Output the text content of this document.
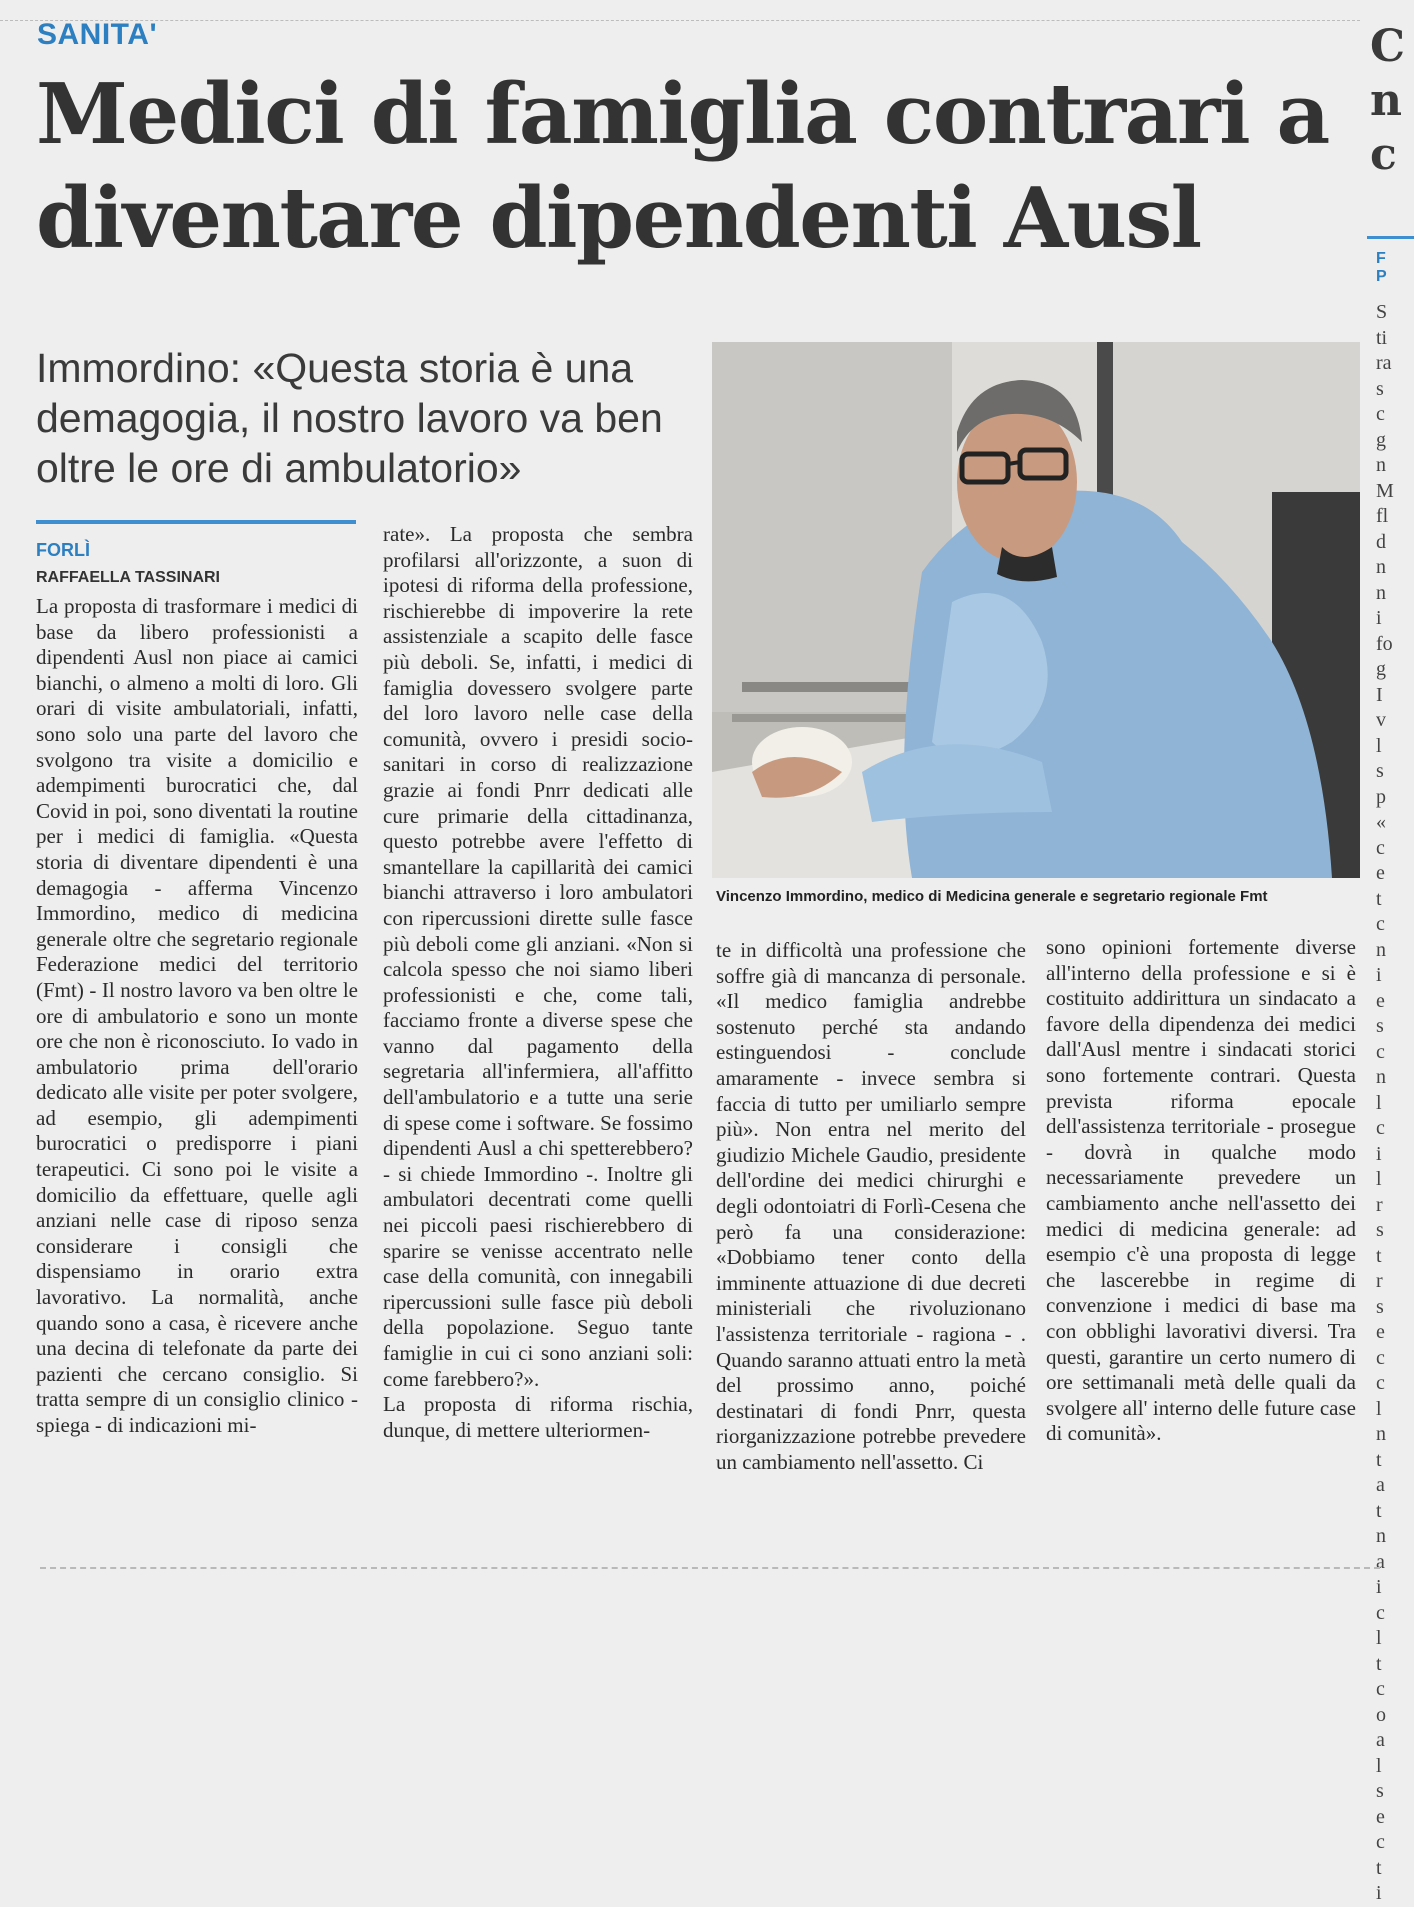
SANITA'
Medici di famiglia contrari a diventare dipendenti Ausl

Immordino: «Questa storia è una demagogia, il nostro lavoro va ben oltre le ore di ambulatorio»

FORLÌ
RAFFAELLA TASSINARI

La proposta di trasformare i medici di base da libero professionisti a dipendenti Ausl non piace ai camici bianchi, o almeno a molti di loro. Gli orari di visite ambulatoriali, infatti, sono solo una parte del lavoro che svolgono tra visite a domicilio e adempimenti burocratici che, dal Covid in poi, sono diventati la routine per i medici di famiglia. «Questa storia di diventare dipendenti è una demagogia - afferma Vincenzo Immordino, medico di medicina generale oltre che segretario regionale Federazione medici del territorio (Fmt) - Il nostro lavoro va ben oltre le ore di ambulatorio e sono un monte ore che non è riconosciuto. Io vado in ambulatorio prima dell'orario dedicato alle visite per poter svolgere, ad esempio, gli adempimenti burocratici o predisporre i piani terapeutici. Ci sono poi le visite a domicilio da effettuare, quelle agli anziani nelle case di riposo senza considerare i consigli che dispensiamo in orario extra lavorativo. La normalità, anche quando sono a casa, è ricevere anche una decina di telefonate da parte dei pazienti che cercano consiglio. Si tratta sempre di un consiglio clinico - spiega - di indicazioni mi-

rate». La proposta che sembra profilarsi all'orizzonte, a suon di ipotesi di riforma della professione, rischierebbe di impoverire la rete assistenziale a scapito delle fasce più deboli. Se, infatti, i medici di famiglia dovessero svolgere parte del loro lavoro nelle case della comunità, ovvero i presidi socio-sanitari in corso di realizzazione grazie ai fondi Pnrr dedicati alle cure primarie della cittadinanza, questo potrebbe avere l'effetto di smantellare la capillarità dei camici bianchi attraverso i loro ambulatori con ripercussioni dirette sulle fasce più deboli come gli anziani. «Non si calcola spesso che noi siamo liberi professionisti e che, come tali, facciamo fronte a diverse spese che vanno dal pagamento della segretaria all'infermiera, all'affitto dell'ambulatorio e a tutte una serie di spese come i software. Se fossimo dipendenti Ausl a chi spetterebbero?- si chiede Immordino -. Inoltre gli ambulatori decentrati come quelli nei piccoli paesi rischierebbero di sparire se venisse accentrato nelle case della comunità, con innegabili ripercussioni sulle fasce più deboli della popolazione. Seguo tante famiglie in cui ci sono anziani soli: come farebbero?».

La proposta di riforma rischia, dunque, di mettere ulteriormen-

Vincenzo Immordino, medico di Medicina generale e segretario regionale Fmt

te in difficoltà una professione che soffre già di mancanza di personale. «Il medico famiglia andrebbe sostenuto perché sta andando estinguendosi - conclude amaramente - invece sembra si faccia di tutto per umiliarlo sempre più». Non entra nel merito del giudizio Michele Gaudio, presidente dell'ordine dei medici chirurghi e degli odontoiatri di Forlì-Cesena che però fa una considerazione: «Dobbiamo tener conto della imminente attuazione di due decreti ministeriali che rivoluzionano l'assistenza territoriale - ragiona - . Quando saranno attuati entro la metà del prossimo anno, poiché destinatari di fondi Pnrr, questa riorganizzazione potrebbe prevedere un cambiamento nell'assetto. Ci

sono opinioni fortemente diverse all'interno della professione e si è costituito addirittura un sindacato a favore della dipendenza dei medici dall'Ausl mentre i sindacati storici sono fortemente contrari. Questa prevista riforma epocale dell'assistenza territoriale - prosegue - dovrà in qualche modo necessariamente prevedere un cambiamento anche nell'assetto dei medici di medicina generale: ad esempio c'è una proposta di legge che lascerebbe in regime di convenzione i medici di base ma con obblighi lavorativi diversi. Tra questi, garantire un certo numero di ore settimanali metà delle quali da svolgere all' interno delle future case di comunità».

C
n
c
F
P
S
ti
ra
s
c
g
n
M
fl
d
n
n
i
fo
g
I
v
l
s
p
«
c
e
t
c
n
i
e
s
c
n
l
c
i
l
r
s
t
r
s
e
c
c
l
n
t
a
t
n
a
i
c
l
t
c
o
a
l
s
e
c
t
i
